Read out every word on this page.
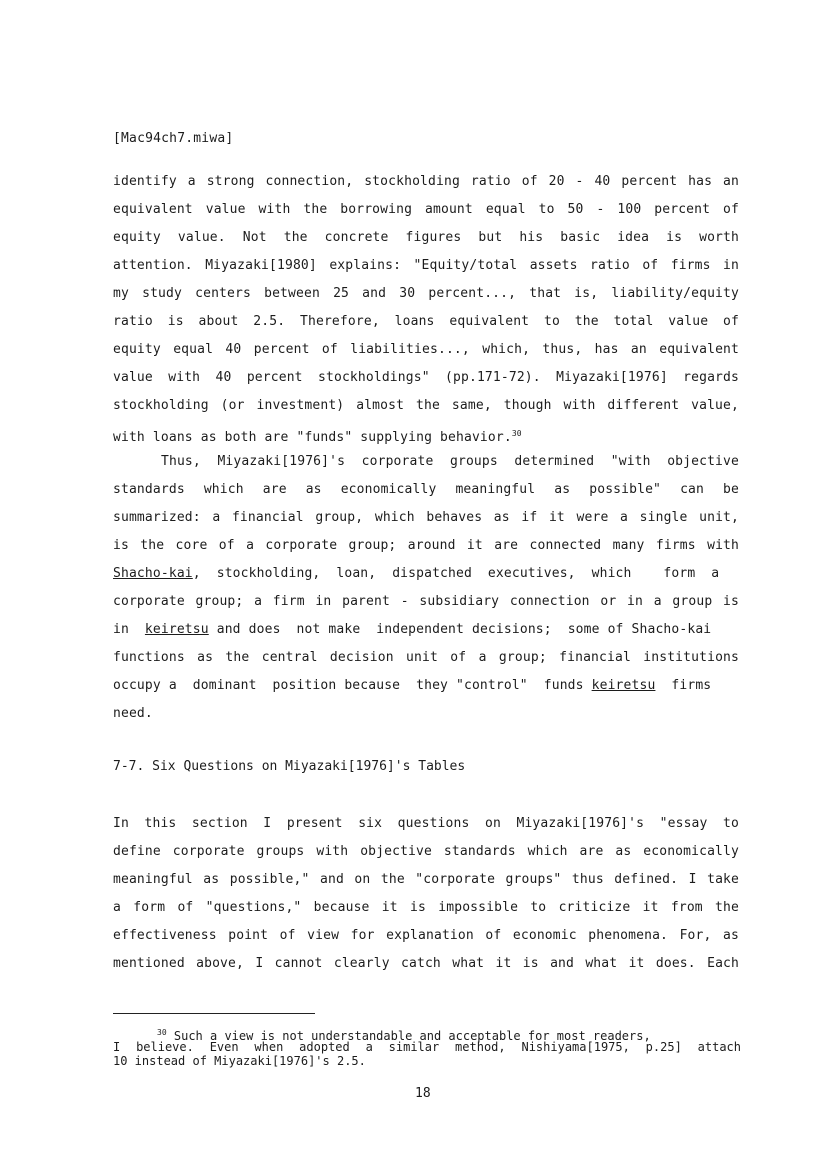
[Mac94ch7.miwa]
identify a strong connection, stockholding ratio of 20 - 40 percent has an
equivalent value with the borrowing amount equal to 50 - 100 percent of
equity value. Not the concrete figures but his basic idea is worth
attention. Miyazaki[1980] explains: "Equity/total assets ratio of firms in
my study centers between 25 and 30 percent..., that is, liability/equity
ratio is about 2.5. Therefore, loans equivalent to the total value of
equity equal 40 percent of liabilities..., which, thus, has an equivalent
value with 40 percent stockholdings" (pp.171-72). Miyazaki[1976] regards
stockholding (or investment) almost the same, though with different value,
with loans as both are "funds" supplying behavior.$^{30}$
Thus, Miyazaki[1976]'s corporate groups determined "with objective
standards which are as economically meaningful as possible" can be
summarized: a financial group, which behaves as if it were a single unit,
is the core of a corporate group; around it are connected many firms with
Shacho-kai,  stockholding,  loan,  dispatched  executives,  which    form  a
corporate group; a firm in parent - subsidiary connection or in a group is
in  keiretsu and does  not make  independent decisions;  some of Shacho-kai
functions as the central decision unit of a group; financial institutions
occupy a  dominant  position because  they "control"  funds keiretsu  firms
need.
7-7. Six Questions on Miyazaki[1976]'s Tables
In this section I present six questions on Miyazaki[1976]'s "essay to
define corporate groups with objective standards which are as economically
meaningful as possible," and on the "corporate groups" thus defined. I take
a form of "questions," because it is impossible to criticize it from the
effectiveness point of view for explanation of economic phenomena. For, as
mentioned above, I cannot clearly catch what it is and what it does. Each
$^{30}$ Such a view is not understandable and acceptable for most readers,
I believe. Even when adopted a similar method, Nishiyama[1975, p.25] attach
10 instead of Miyazaki[1976]'s 2.5.
18
